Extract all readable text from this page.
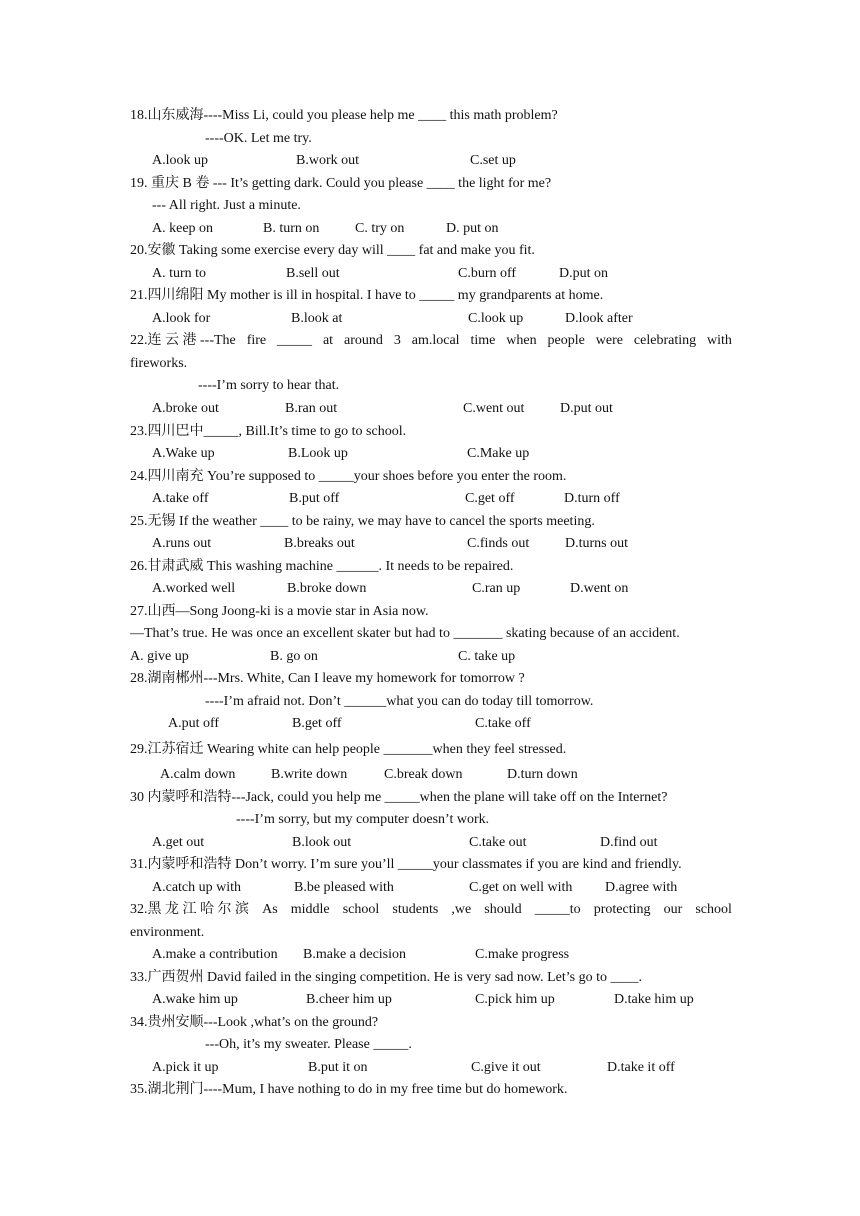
18.山东威海----Miss Li, could you please help me ____ this math problem?
----OK. Let me try.
A.look up	B.work out	C.set up
19. 重庆 B 卷 --- It’s getting dark. Could you please ____ the light for me?
--- All right. Just a minute.
A. keep on	B. turn on	C. try on	D. put on
20.安徽 Taking some exercise every day will ____ fat and make you fit.
A. turn to	B.sell out	C.burn off	D.put on
21.四川绵阳 My mother is ill in hospital. I have to _____ my grandparents at home.
A.look for	B.look at	C.look up	D.look after
22.连 云 港 ---The fire _____ at around 3 am.local time when people were celebrating with
fireworks.
----I’m sorry to hear that.
A.broke out	B.ran out	C.went out	D.put out
23.四川巴中_____, Bill.It’s time to go to school.
A.Wake up	B.Look up	C.Make up
24.四川南充 You’re supposed to _____your shoes before you enter the room.
A.take off	B.put off	C.get off	D.turn off
25.无锡 If the weather ____ to be rainy, we may have to cancel the sports meeting.
A.runs out	B.breaks out	C.finds out	D.turns out
26.甘肃武威 This washing machine ______. It needs to be repaired.
A.worked well	B.broke down	C.ran up	D.went on
27.山西—Song Joong-ki is a movie star in Asia now.
—That’s true. He was once an excellent skater but had to _______ skating because of an accident.
A. give up	B. go on	C. take up
28.湖南郴州---Mrs. White, Can I leave my homework for tomorrow ?
----I’m afraid not. Don’t ______what you can do today till tomorrow.
A.put off	B.get off	C.take off
29.江苏宿迁 Wearing white can help people _______when they feel stressed.
A.calm down	B.write down	C.break down	D.turn down
30 内蒙呼和浩特---Jack, could you help me _____when the plane will take off on the Internet?
----I’m sorry, but my computer doesn’t work.
A.get out	B.look out	C.take out	D.find out
31.内蒙呼和浩特 Don’t worry. I’m sure you’ll _____your classmates if you are kind and friendly.
A.catch up with	B.be pleased with	C.get on well with D.agree with
32.黑 龙 江 哈 尔 滨 As middle school students ,we should _____to protecting our school
environment.
A.make a contribution B.make a decision	C.make progress
33.广西贺州 David failed in the singing competition. He is very sad now. Let’s go to ____.
A.wake him up	B.cheer him up	C.pick him up	D.take him up
34.贵州安顺---Look ,what’s on the ground?
---Oh, it’s my sweater. Please _____.
A.pick it up	B.put it on	C.give it out	D.take it off
35.湖北荆门----Mum, I have nothing to do in my free time but do homework.
